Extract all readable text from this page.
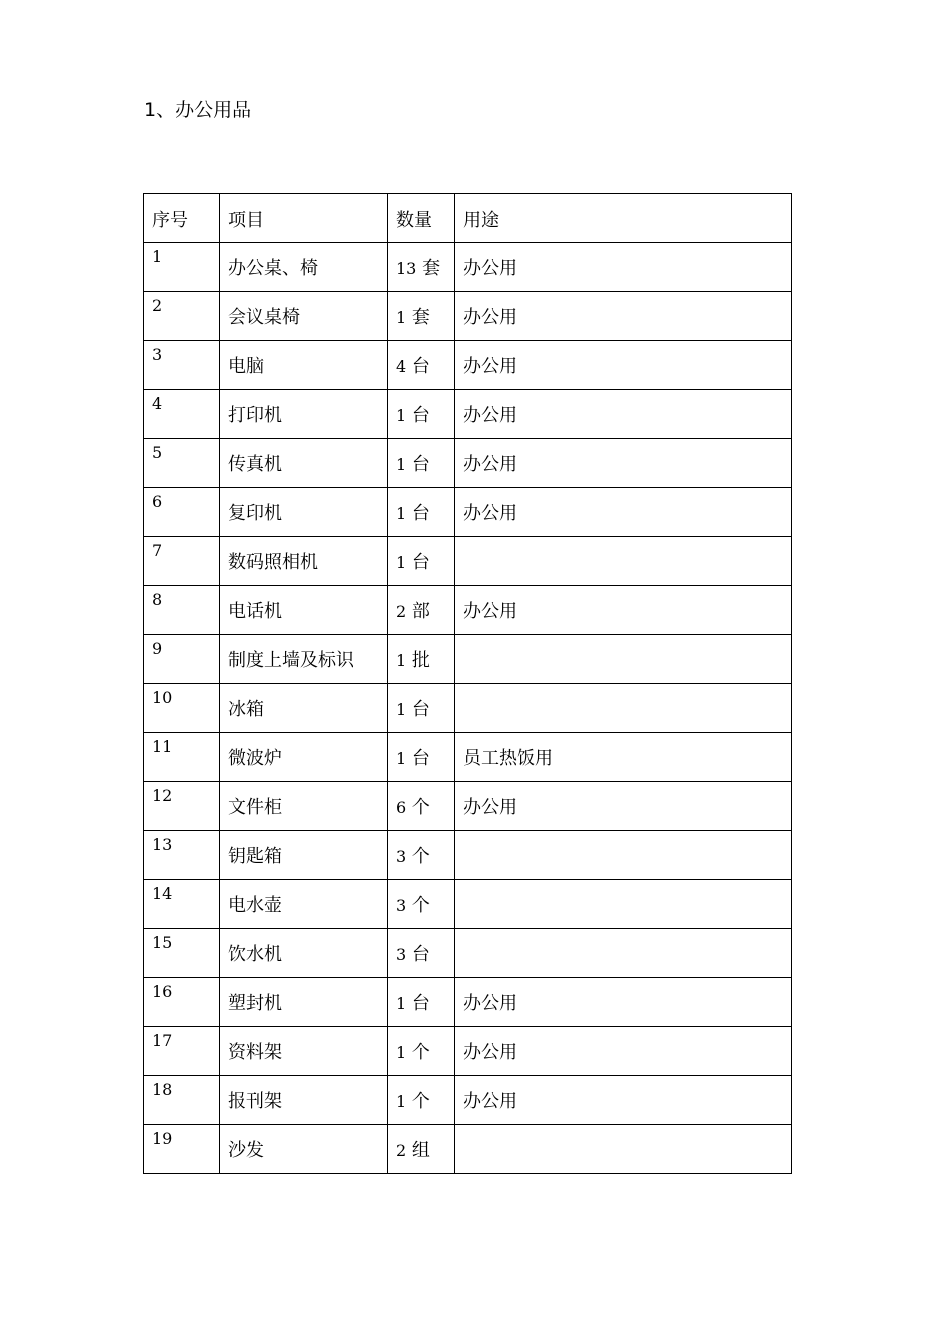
1、办公用品
序号	项目	数量	用途
1	办公桌、椅	13 套	办公用
2	会议桌椅	1 套	办公用
3	电脑	4 台	办公用
4	打印机	1 台	办公用
5	传真机	1 台	办公用
6	复印机	1 台	办公用
7	数码照相机	1 台	
8	电话机	2 部	办公用
9	制度上墙及标识	1 批	
10	冰箱	1 台	
11	微波炉	1 台	员工热饭用
12	文件柜	6 个	办公用
13	钥匙箱	3 个	
14	电水壶	3 个	
15	饮水机	3 台	
16	塑封机	1 台	办公用
17	资料架	1 个	办公用
18	报刊架	1 个	办公用
19	沙发	2 组	
